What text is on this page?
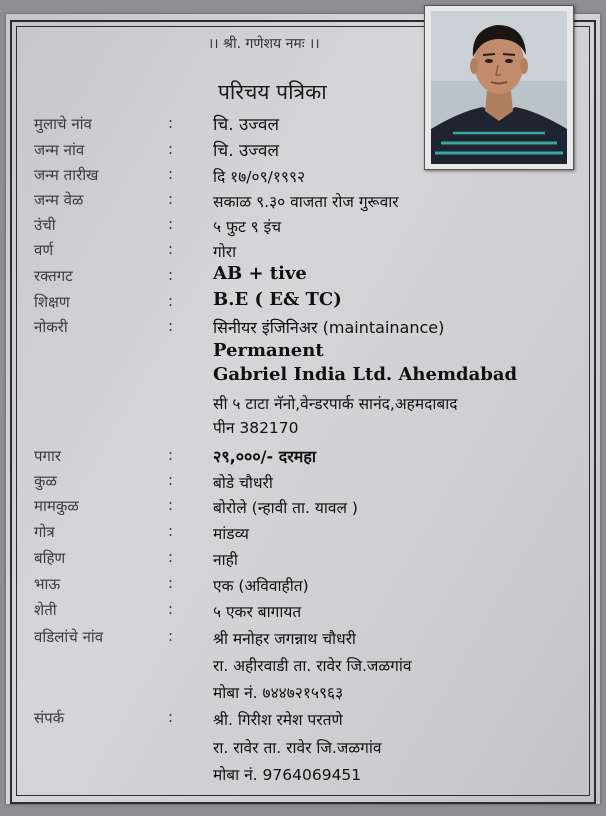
।। श्री. गणेशय नमः ।।
परिचय पत्रिका
मुलाचे नांव	: चि. उज्वल
जन्म नांव	: चि. उज्वल
जन्म तारीख	:	दि १७/०९/१९९२
जन्म वेळ	:	सकाळ ९.३० वाजता रोज गुरूवार
उंची	:	५ फुट ९ इंच
वर्ण	:	गोरा
रक्तगट	: AB + tive
शिक्षण	: B.E ( E& TC)
नोकरी	: सिनीयर इंजिनिअर (maintainance)
Permanent
Gabriel India Ltd. Ahemdabad
सी ५ टाटा नॅनो,वेन्डरपार्क सानंद,अहमदाबाद
पीन 382170
पगार	: २९,०००/- दरमहा
कुळ	:	बोडे चौधरी
मामकुळ	:	बोरोले (न्हावी ता. यावल )
गोत्र	:	मांडव्य
बहिण	:	नाही
भाऊ	:	एक (अविवाहीत)
शेती	:	५ एकर बागायत
वडिलांचे नांव	:	श्री मनोहर जगन्नाथ चौधरी
रा. अहीरवाडी ता. रावेर जि.जळगांव
मोबा नं. ७४४७२१५९६३
संपर्क	:	श्री. गिरीश रमेश परतणे
रा. रावेर ता. रावेर जि.जळगांव
मोबा नं. 9764069451
